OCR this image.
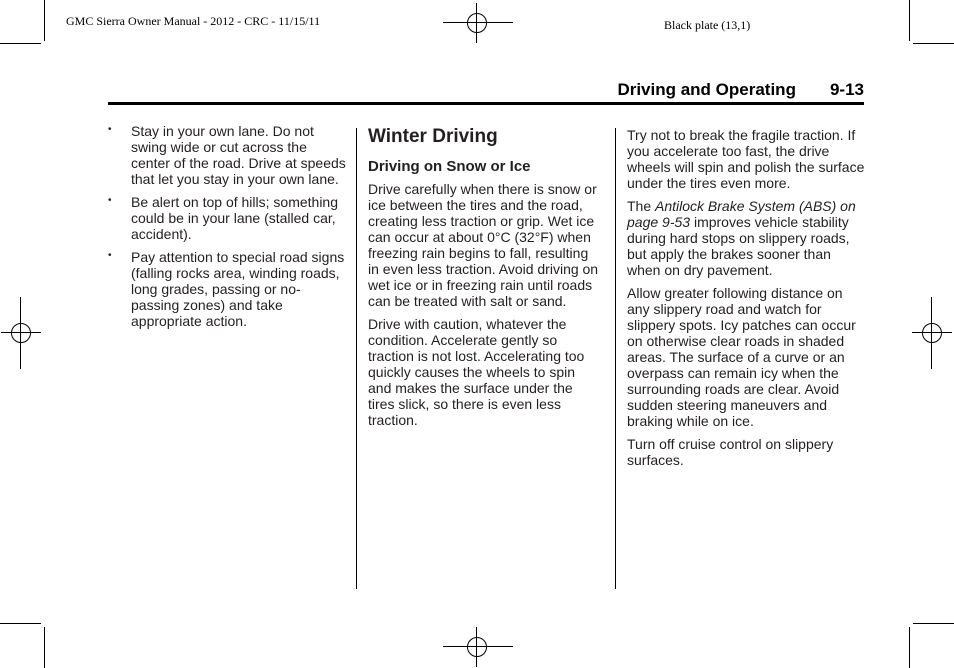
GMC Sierra Owner Manual - 2012 - CRC - 11/15/11	Black plate (13,1)
Driving and Operating 9-13
• Stay in your own lane. Do not swing wide or cut across the center of the road. Drive at speeds that let you stay in your own lane.
• Be alert on top of hills; something could be in your lane (stalled car, accident).
• Pay attention to special road signs (falling rocks area, winding roads, long grades, passing or no-passing zones) and take appropriate action.
Winter Driving
Driving on Snow or Ice

Drive carefully when there is snow or ice between the tires and the road, creating less traction or grip. Wet ice can occur at about 0°C (32°F) when freezing rain begins to fall, resulting in even less traction. Avoid driving on wet ice or in freezing rain until roads can be treated with salt or sand.

Drive with caution, whatever the condition. Accelerate gently so traction is not lost. Accelerating too quickly causes the wheels to spin and makes the surface under the tires slick, so there is even less traction.

Try not to break the fragile traction. If you accelerate too fast, the drive wheels will spin and polish the surface under the tires even more.

The Antilock Brake System (ABS) on page 9-53 improves vehicle stability during hard stops on slippery roads, but apply the brakes sooner than when on dry pavement.

Allow greater following distance on any slippery road and watch for slippery spots. Icy patches can occur on otherwise clear roads in shaded areas. The surface of a curve or an overpass can remain icy when the surrounding roads are clear. Avoid sudden steering maneuvers and braking while on ice.

Turn off cruise control on slippery surfaces.
